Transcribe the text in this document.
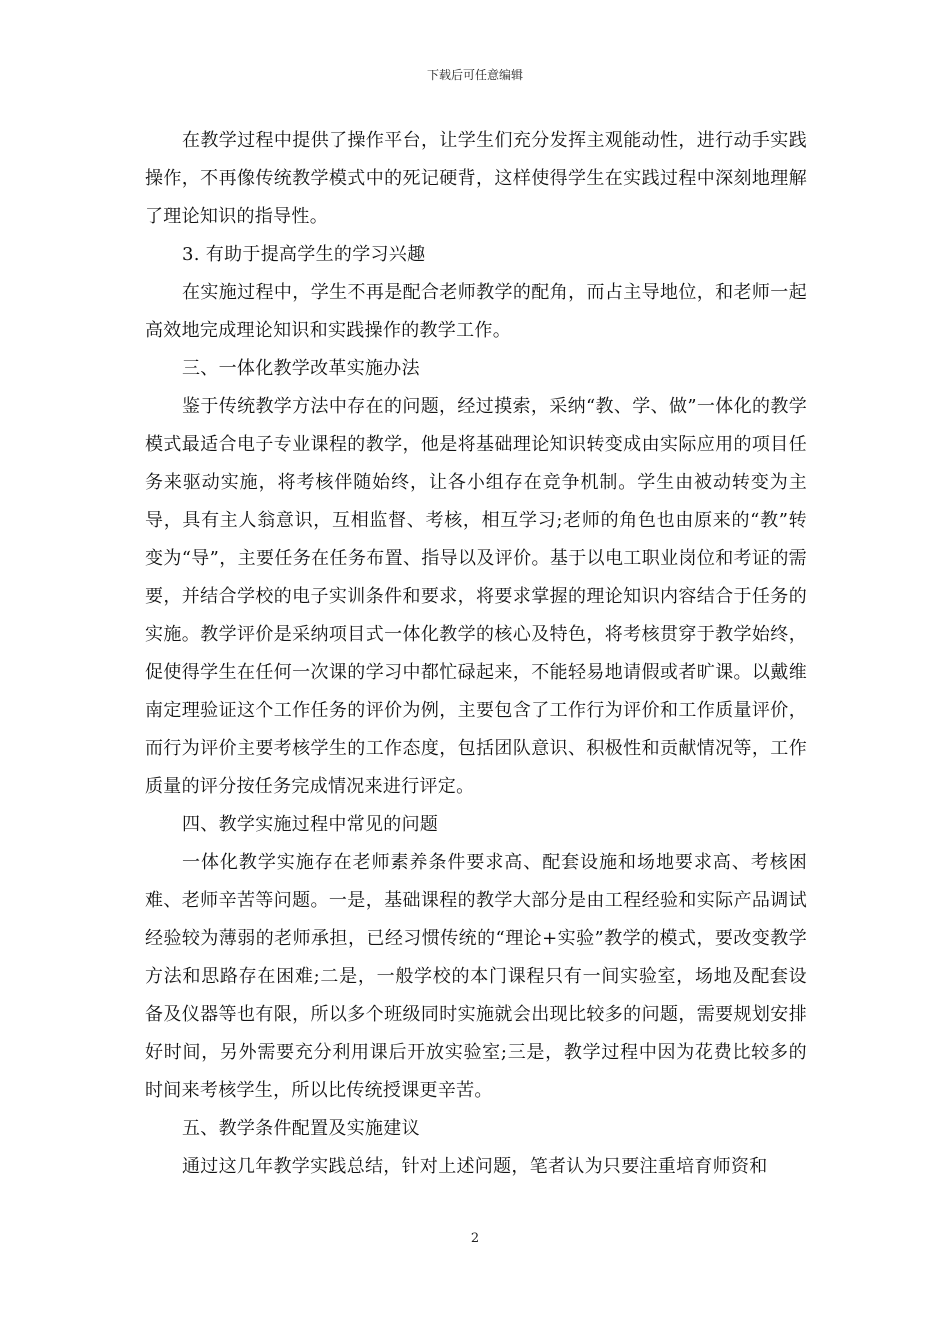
下载后可任意编辑

在教学过程中提供了操作平台，让学生们充分发挥主观能动性，进行动手实践操作，不再像传统教学模式中的死记硬背，这样使得学生在实践过程中深刻地理解了理论知识的指导性。

3. 有助于提高学生的学习兴趣

在实施过程中，学生不再是配合老师教学的配角，而占主导地位，和老师一起高效地完成理论知识和实践操作的教学工作。

三、一体化教学改革实施办法

鉴于传统教学方法中存在的问题，经过摸索，采纳“教、学、做”一体化的教学模式最适合电子专业课程的教学，他是将基础理论知识转变成由实际应用的项目任务来驱动实施，将考核伴随始终，让各小组存在竞争机制。学生由被动转变为主导，具有主人翁意识，互相监督、考核，相互学习;老师的角色也由原来的“教”转变为“导”，主要任务在任务布置、指导以及评价。基于以电工职业岗位和考证的需要，并结合学校的电子实训条件和要求，将要求掌握的理论知识内容结合于任务的实施。教学评价是采纳项目式一体化教学的核心及特色，将考核贯穿于教学始终，促使得学生在任何一次课的学习中都忙碌起来，不能轻易地请假或者旷课。以戴维南定理验证这个工作任务的评价为例，主要包含了工作行为评价和工作质量评价，而行为评价主要考核学生的工作态度，包括团队意识、积极性和贡献情况等，工作质量的评分按任务完成情况来进行评定。

四、教学实施过程中常见的问题

一体化教学实施存在老师素养条件要求高、配套设施和场地要求高、考核困难、老师辛苦等问题。一是，基础课程的教学大部分是由工程经验和实际产品调试经验较为薄弱的老师承担，已经习惯传统的“理论+实验”教学的模式，要改变教学方法和思路存在困难;二是，一般学校的本门课程只有一间实验室，场地及配套设备及仪器等也有限，所以多个班级同时实施就会出现比较多的问题，需要规划安排好时间，另外需要充分利用课后开放实验室;三是，教学过程中因为花费比较多的时间来考核学生，所以比传统授课更辛苦。

五、教学条件配置及实施建议

通过这几年教学实践总结，针对上述问题，笔者认为只要注重培育师资和

2
